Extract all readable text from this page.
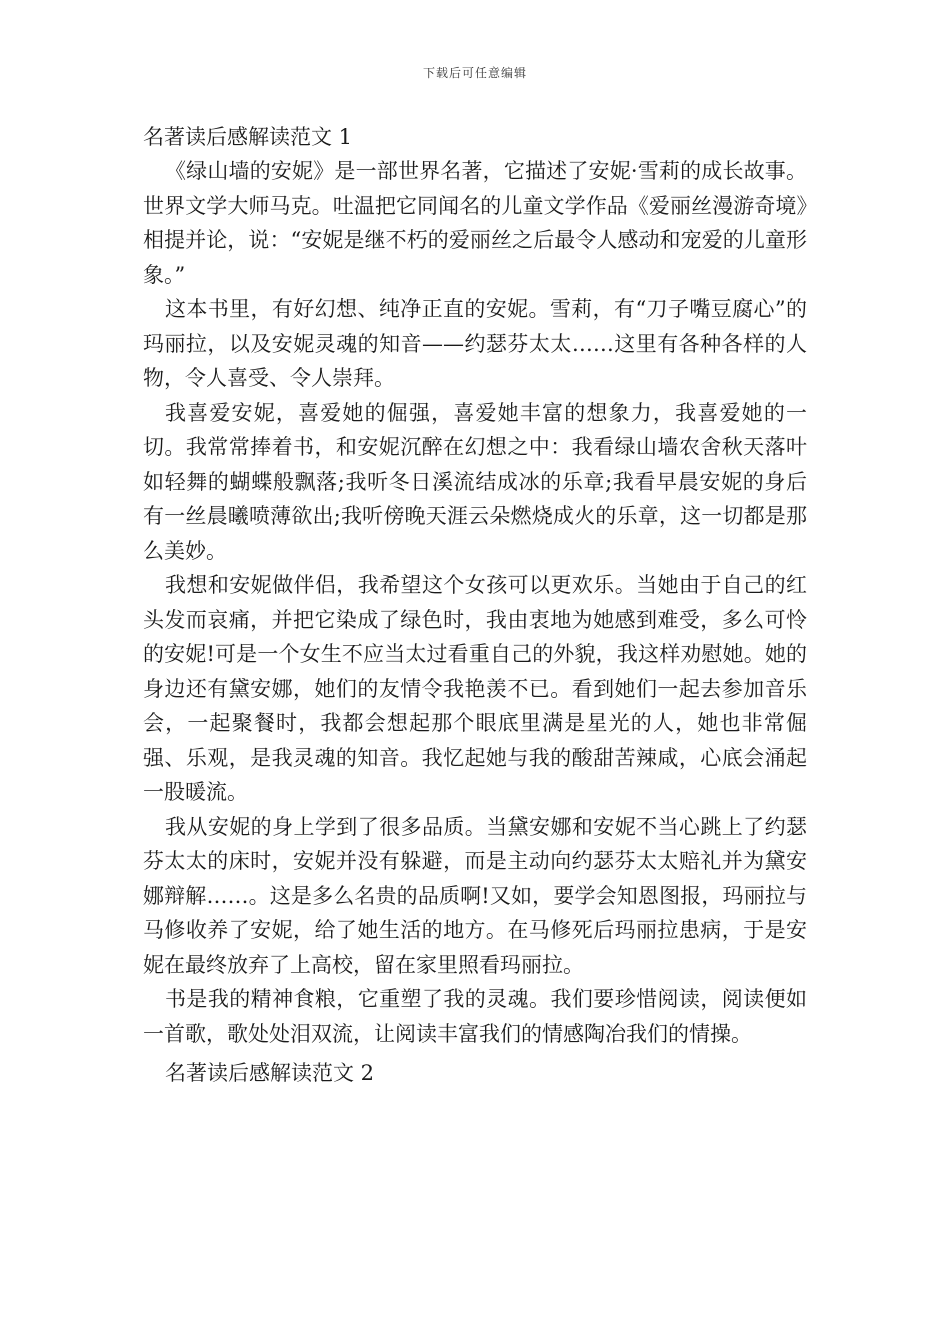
下载后可任意编辑

名著读后感解读范文 1

《绿山墙的安妮》是一部世界名著，它描述了安妮·雪莉的成长故事。世界文学大师马克。吐温把它同闻名的儿童文学作品《爱丽丝漫游奇境》相提并论，说：“安妮是继不朽的爱丽丝之后最令人感动和宠爱的儿童形象。”

这本书里，有好幻想、纯净正直的安妮。雪莉，有“刀子嘴豆腐心”的玛丽拉，以及安妮灵魂的知音——约瑟芬太太……这里有各种各样的人物，令人喜受、令人崇拜。

我喜爱安妮，喜爱她的倔强，喜爱她丰富的想象力，我喜爱她的一切。我常常捧着书，和安妮沉醉在幻想之中：我看绿山墙农舍秋天落叶如轻舞的蝴蝶般飘落;我听冬日溪流结成冰的乐章;我看早晨安妮的身后有一丝晨曦喷薄欲出;我听傍晚天涯云朵燃烧成火的乐章，这一切都是那么美妙。

我想和安妮做伴侣，我希望这个女孩可以更欢乐。当她由于自己的红头发而哀痛，并把它染成了绿色时，我由衷地为她感到难受，多么可怜的安妮!可是一个女生不应当太过看重自己的外貌，我这样劝慰她。她的身边还有黛安娜，她们的友情令我艳羡不已。看到她们一起去参加音乐会，一起聚餐时，我都会想起那个眼底里满是星光的人，她也非常倔强、乐观，是我灵魂的知音。我忆起她与我的酸甜苦辣咸，心底会涌起一股暖流。

我从安妮的身上学到了很多品质。当黛安娜和安妮不当心跳上了约瑟芬太太的床时，安妮并没有躲避，而是主动向约瑟芬太太赔礼并为黛安娜辩解……。这是多么名贵的品质啊!又如，要学会知恩图报，玛丽拉与马修收养了安妮，给了她生活的地方。在马修死后玛丽拉患病，于是安妮在最终放弃了上高校，留在家里照看玛丽拉。

书是我的精神食粮，它重塑了我的灵魂。我们要珍惜阅读，阅读便如一首歌，歌处处泪双流，让阅读丰富我们的情感陶冶我们的情操。

名著读后感解读范文 2
